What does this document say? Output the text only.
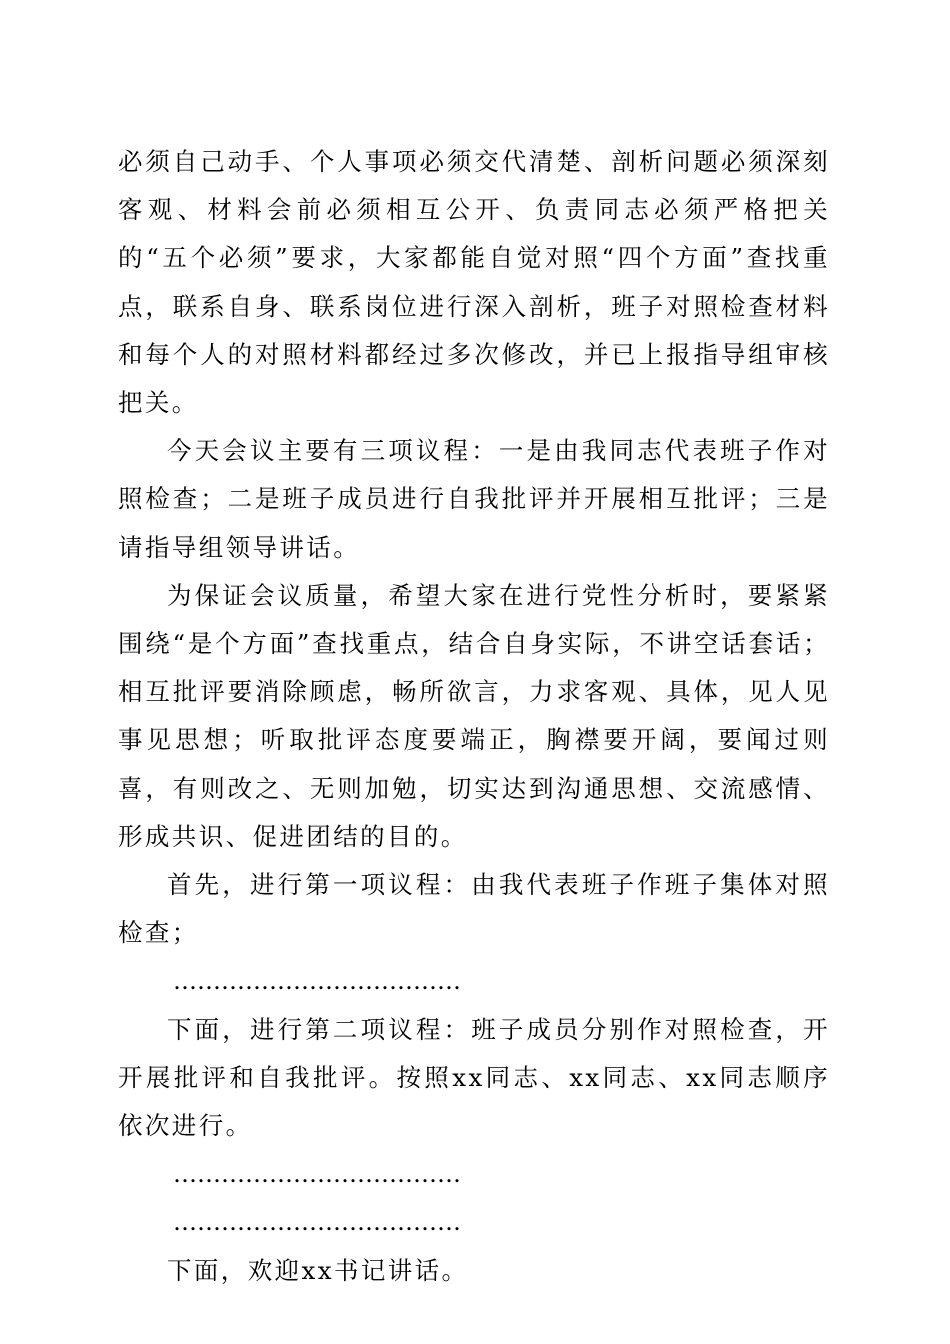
必须自己动手、个人事项必须交代清楚、剖析问题必须深刻客观、材料会前必须相互公开、负责同志必须严格把关的“五个必须”要求，大家都能自觉对照“四个方面”查找重点，联系自身、联系岗位进行深入剖析，班子对照检查材料和每个人的对照材料都经过多次修改，并已上报指导组审核把关。

今天会议主要有三项议程：一是由我同志代表班子作对照检查；二是班子成员进行自我批评并开展相互批评；三是请指导组领导讲话。

为保证会议质量，希望大家在进行党性分析时，要紧紧围绕“是个方面”查找重点，结合自身实际，不讲空话套话；相互批评要消除顾虑，畅所欲言，力求客观、具体，见人见事见思想；听取批评态度要端正，胸襟要开阔，要闻过则喜，有则改之、无则加勉，切实达到沟通思想、交流感情、形成共识、促进团结的目的。

首先，进行第一项议程：由我代表班子作班子集体对照检查；

………………………………

下面，进行第二项议程：班子成员分别作对照检查，开开展批评和自我批评。按照xx同志、xx同志、xx同志顺序依次进行。

………………………………

………………………………

下面，欢迎xx书记讲话。
